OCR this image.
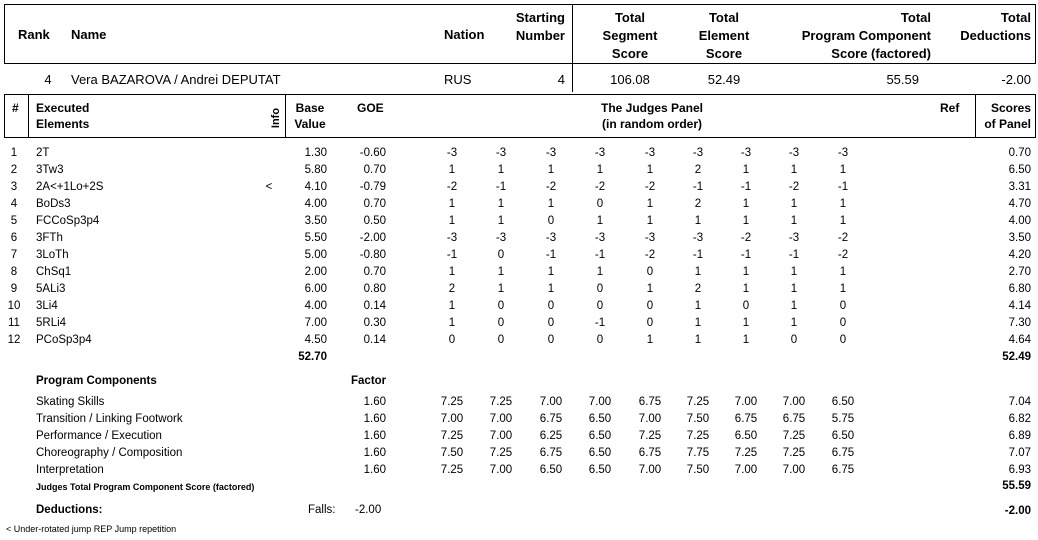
Rank Name	Nation
Starting
Number
Total
Segment
Score
Total
Element
Score
Total
Program Component
Score (factored)
Total
Deductions
4	Vera BAZAROVA / Andrei DEPUTAT	RUS	4	106.08	52.49	55.59	-2.00
# Executed
Elements	Info	Base
Value
GOE	The Judges Panel
(in random order)
Ref	Scores
of Panel
1	2T	1.30	-0.60	-3	-3	-3	-3	-3	-3	-3	-3	-3	0.70
2	3Tw3	5.80	0.70	1	1	1	1	1	2	1	1	1	6.50
3	2A<+1Lo+2S	<	4.10	-0.79	-2	-1	-2	-2	-2	-1	-1	-2	-1	3.31
4	BoDs3	4.00	0.70	1	1	1	0	1	2	1	1	1	4.70
5	FCCoSp3p4	3.50	0.50	1	1	0	1	1	1	1	1	1	4.00
6	3FTh	5.50	-2.00	-3	-3	-3	-3	-3	-3	-2	-3	-2	3.50
7	3LoTh	5.00	-0.80	-1	0	-1	-1	-2	-1	-1	-1	-2	4.20
8	ChSq1	2.00	0.70	1	1	1	1	0	1	1	1	1	2.70
9	5ALi3	6.00	0.80	2	1	1	0	1	2	1	1	1	6.80
10 3Li4	4.00	0.14	1	0	0	0	0	1	0	1	0	4.14
11 5RLi4	7.00	0.30	1	0	0	-1	0	1	1	1	0	7.30
12 PCoSp3p4	4.50	0.14	0	0	0	0	1	1	1	0	0	4.64
52.70	52.49
Program Components	Factor
Skating Skills	1.60	7.25	7.25	7.00	7.00	6.75	7.25	7.00	7.00	6.50	7.04
Transition / Linking Footwork	1.60	7.00	7.00	6.75	6.50	7.00	7.50	6.75	6.75	5.75	6.82
Performance / Execution	1.60	7.25	7.00	6.25	6.50	7.25	7.25	6.50	7.25	6.50	6.89
Choreography / Composition	1.60	7.50	7.25	6.75	6.50	6.75	7.75	7.25	7.25	6.75	7.07
Interpretation	1.60	7.25	7.00	6.50	6.50	7.00	7.50	7.00	7.00	6.75	6.93
Judges Total Program Component Score (factored)	55.59
Deductions:	Falls: -2.00	-2.00
< Under-rotated jump REP Jump repetition
